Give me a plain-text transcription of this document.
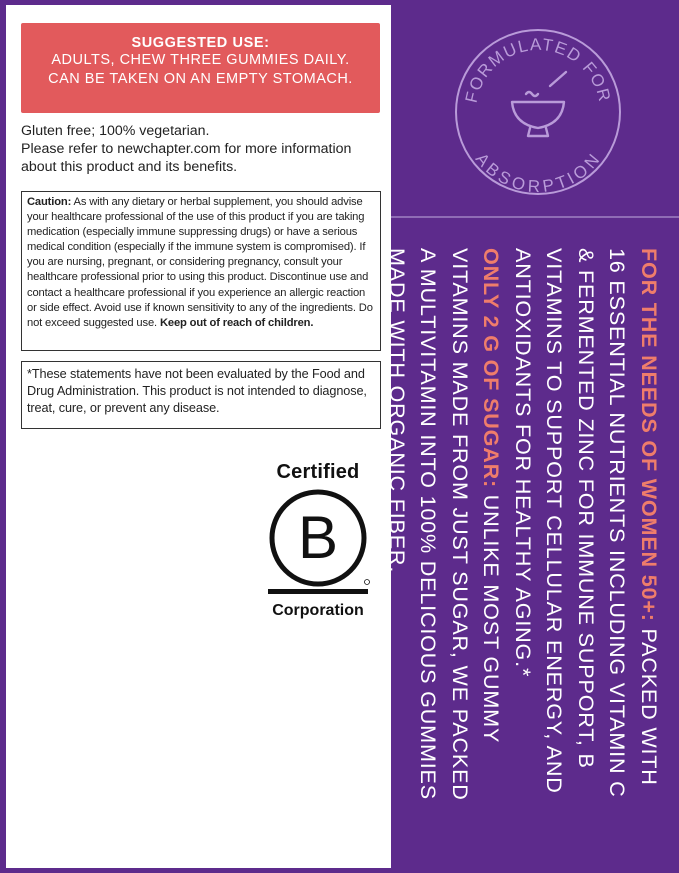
SUGGESTED USE:
ADULTS, CHEW THREE GUMMIES DAILY.
CAN BE TAKEN ON AN EMPTY STOMACH.
Gluten free; 100% vegetarian.
Please refer to newchapter.com for more information about this product and its benefits.
Caution: As with any dietary or herbal supplement, you should advise your healthcare professional of the use of this product if you are taking medication (especially immune suppressing drugs) or have a serious medical condition (especially if the immune system is compromised). If you are nursing, pregnant, or considering pregnancy, consult your healthcare professional prior to using this product. Discontinue use and contact a healthcare professional if you experience an allergic reaction or side effect. Avoid use if known sensitivity to any of the ingredients. Do not exceed suggested use. Keep out of reach of children.
*These statements have not been evaluated by the Food and Drug Administration. This product is not intended to diagnose, treat, cure, or prevent any disease.
Certified
B
Corporation
FORMULATED FOR
ABSORPTION
FOR THE NEEDS OF WOMEN 50+: PACKED WITH 16 ESSENTIAL NUTRIENTS INCLUDING VITAMIN C & FERMENTED ZINC FOR IMMUNE SUPPORT, B VITAMINS TO SUPPORT CELLULAR ENERGY, AND ANTIOXIDANTS FOR HEALTHY AGING.*
ONLY 2 G OF SUGAR: UNLIKE MOST GUMMY VITAMINS MADE FROM JUST SUGAR, WE PACKED A MULTIVITAMIN INTO 100% DELICIOUS GUMMIES MADE WITH ORGANIC FIBER.
